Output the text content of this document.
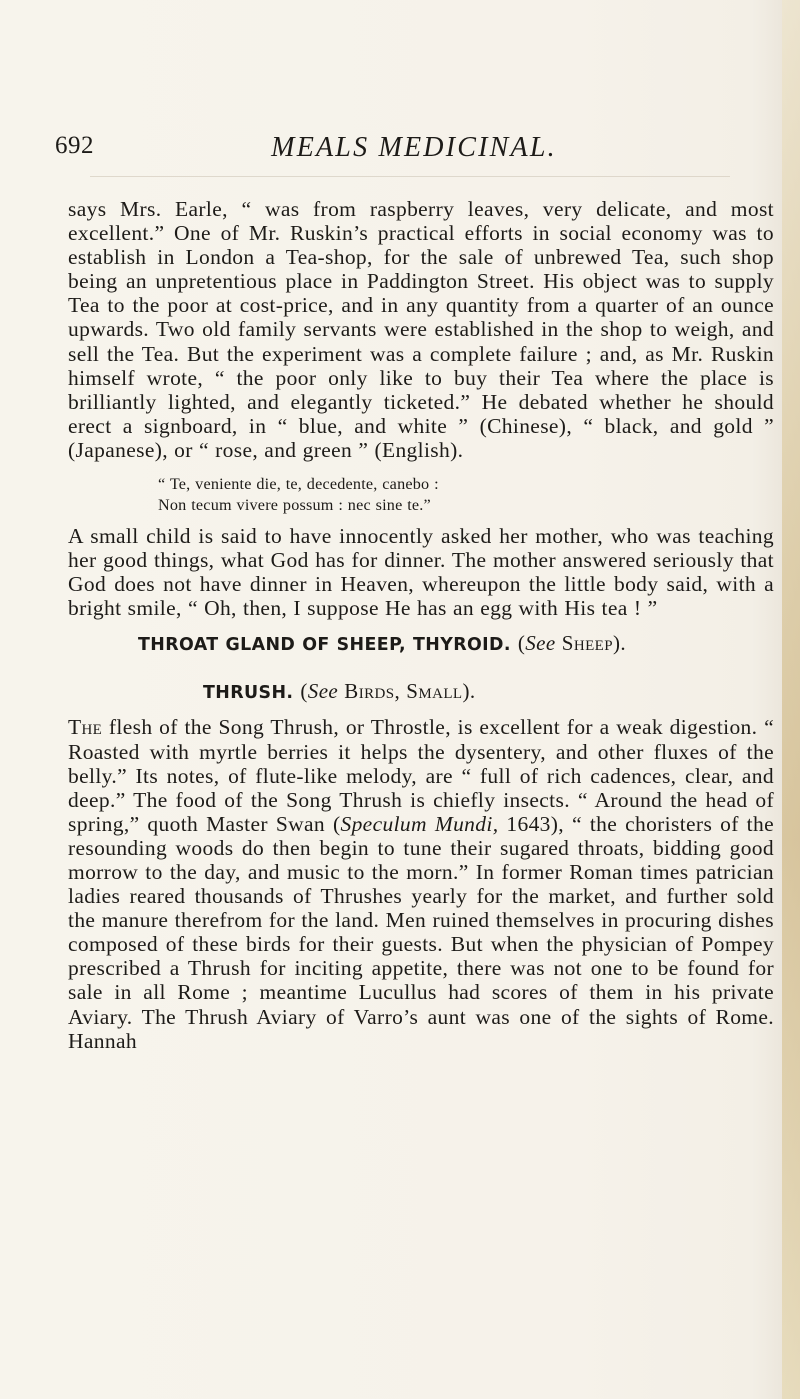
692	MEALS MEDICINAL.

says Mrs. Earle, “ was from raspberry leaves, very delicate, and most excellent.” One of Mr. Ruskin’s practical efforts in social economy was to establish in London a Tea-shop, for the sale of unbrewed Tea, such shop being an unpretentious place in Paddington Street. His object was to supply Tea to the poor at cost-price, and in any quantity from a quarter of an ounce upwards. Two old family servants were established in the shop to weigh, and sell the Tea. But the experiment was a complete failure ; and, as Mr. Ruskin himself wrote, “ the poor only like to buy their Tea where the place is brilliantly lighted, and elegantly ticketed.” He debated whether he should erect a signboard, in “ blue, and white ” (Chinese), “ black, and gold ” (Japanese), or “ rose, and green ” (English).

“ Te, veniente die, te, decedente, canebo :
Non tecum vivere possum : nec sine te.”

A small child is said to have innocently asked her mother, who was teaching her good things, what God has for dinner. The mother answered seriously that God does not have dinner in Heaven, whereupon the little body said, with a bright smile, “ Oh, then, I suppose He has an egg with His tea ! ”

THROAT GLAND OF SHEEP, THYROID. (See Sheep).

THRUSH. (See Birds, Small).

The flesh of the Song Thrush, or Throstle, is excellent for a weak digestion. “ Roasted with myrtle berries it helps the dysentery, and other fluxes of the belly.” Its notes, of flute-like melody, are “ full of rich cadences, clear, and deep.” The food of the Song Thrush is chiefly insects. “ Around the head of spring,” quoth Master Swan (Speculum Mundi, 1643), “ the choristers of the resounding woods do then begin to tune their sugared throats, bidding good morrow to the day, and music to the morn.” In former Roman times patrician ladies reared thousands of Thrushes yearly for the market, and further sold the manure therefrom for the land. Men ruined themselves in procuring dishes composed of these birds for their guests. But when the physician of Pompey prescribed a Thrush for inciting appetite, there was not one to be found for sale in all Rome ; meantime Lucullus had scores of them in his private Aviary. The Thrush Aviary of Varro’s aunt was one of the sights of Rome. Hannah
